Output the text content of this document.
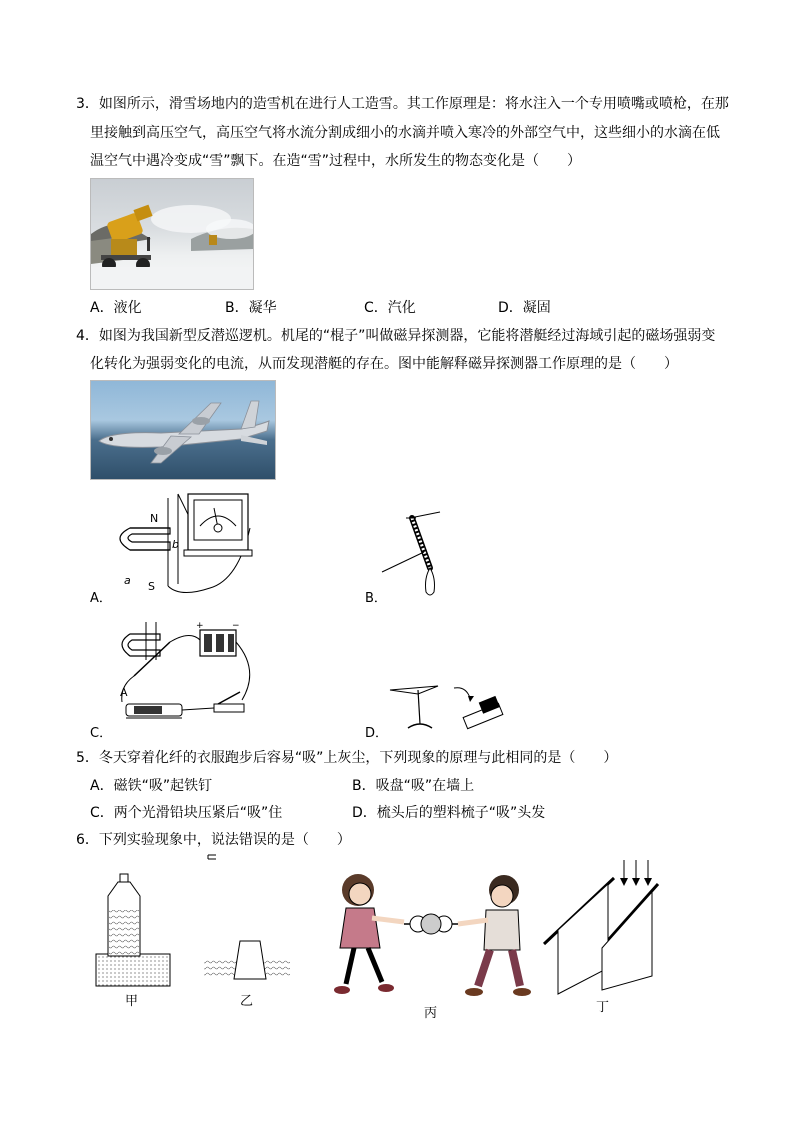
3．如图所示，滑雪场地内的造雪机在进行人工造雪。其工作原理是：将水注入一个专用喷嘴或喷枪，在那
里接触到高压空气，高压空气将水流分割成细小的水滴并喷入寒冷的外部空气中，这些细小的水滴在低
温空气中遇冷变成“雪”飘下。在造“雪”过程中，水所发生的物态变化是（　　）
A．液化	B．凝华	C．汽化	D．凝固
4．如图为我国新型反潜巡逻机。机尾的“棍子”叫做磁异探测器，它能将潜艇经过海域引起的磁场强弱变
化转化为强弱变化的电流，从而发现潜艇的存在。图中能解释磁异探测器工作原理的是（　　）
N
S
a
b
A．	B．
+	−
A
C．	D．
5．冬天穿着化纤的衣服跑步后容易“吸”上灰尘，下列现象的原理与此相同的是（　　）
A．磁铁“吸”起铁钉	B．吸盘“吸”在墙上
C．两个光滑铅块压紧后“吸”住	D．梳头后的塑料梳子“吸”头发
6．下列实验现象中，说法错误的是（　　）
甲	乙
丙	丁
